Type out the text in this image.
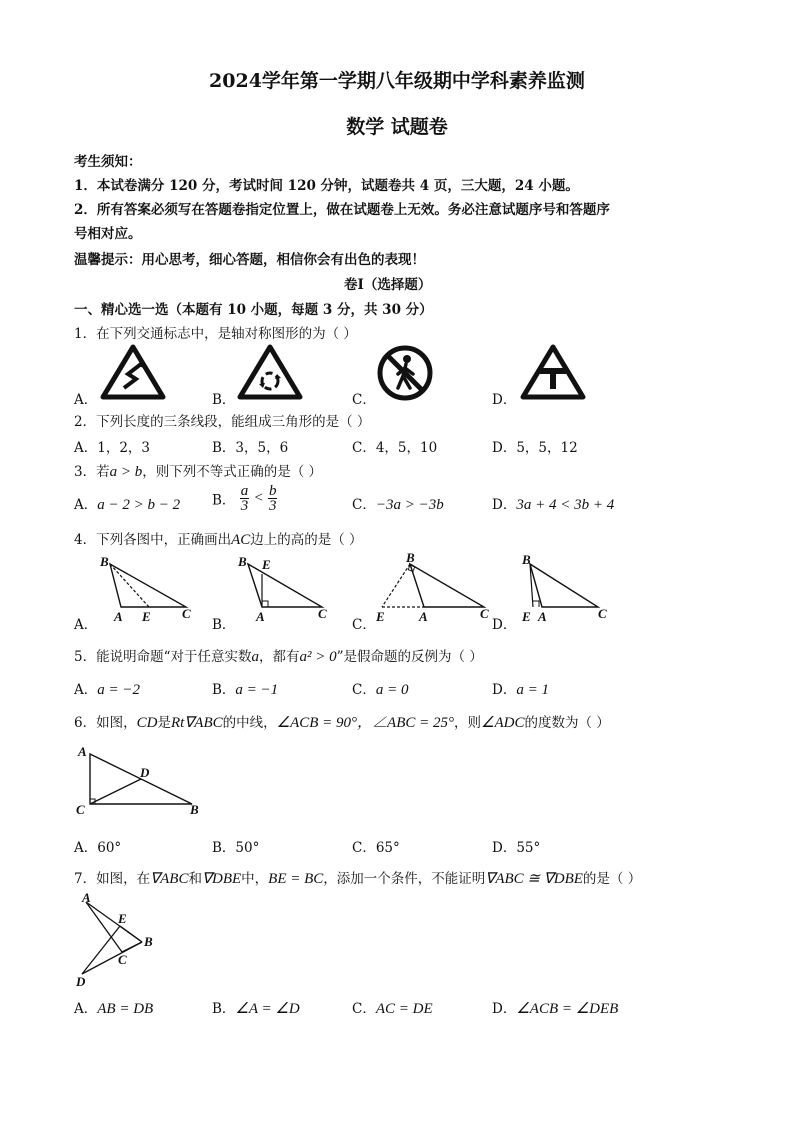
2024学年第一学期八年级期中学科素养监测
数学 试题卷
考生须知：
1．本试卷满分 120 分，考试时间 120 分钟，试题卷共 4 页，三大题，24 小题。
2．所有答案必须写在答题卷指定位置上，做在试题卷上无效。务必注意试题序号和答题序
号相对应。
温馨提示：用心思考，细心答题，相信你会有出色的表现！
卷Ⅰ（选择题）
一、精心选一选（本题有 10 小题，每题 3 分，共 30 分）
1．在下列交通标志中，是轴对称图形的为（ ）
A．	B．	C．	D．
2．下列长度的三条线段，能组成三角形的是（ ）
A．1，2，3	B．3，5，6	C．4，5，10	D．5，5，12
3．若a > b，则下列不等式正确的是（ ）
A．a − 2 > b − 2 B． $\frac{a}{3} < \frac{b}{3}$	C．−3a > −3b	D．3a + 4 < 3b + 4
4．下列各图中，正确画出AC边上的高的是（ ）
A．	B．	C．	D．
B
A E C
B E
A	C
B
E	A	C
B
E A	C
5．能说明命题“对于任意实数a，都有a² > 0”是假命题的反例为（ ）
A．a = −2	B．a = −1	C．a = 0	D．a = 1
6．如图，CD是Rt∇ABC的中线，∠ACB = 90°，∠ABC = 25°，则∠ADC的度数为（ ）
A
D
C	B
A．60°	B．50°	C．65°	D．55°
7．如图，在∇ABC和∇DBE中，BE = BC，添加一个条件，不能证明∇ABC ≅ ∇DBE的是（ ）
A
E
B
C
D
A．AB = DB	B．∠A = ∠D	C．AC = DE	D．∠ACB = ∠DEB
